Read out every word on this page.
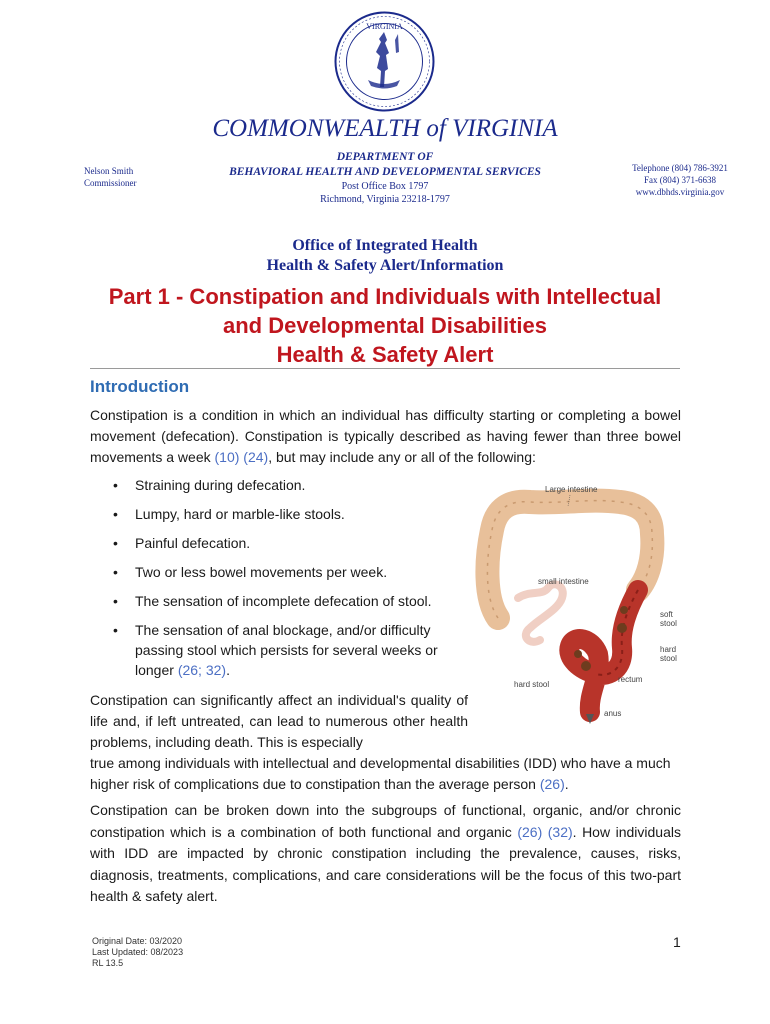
VIRGINIA
COMMONWEALTH of VIRGINIA
Nelson Smith
Commissioner
DEPARTMENT OF
BEHAVIORAL HEALTH AND DEVELOPMENTAL SERVICES
Post Office Box 1797
Richmond, Virginia 23218-1797
Telephone (804) 786-3921
Fax (804) 371-6638
www.dbhds.virginia.gov
Office of Integrated Health
Health & Safety Alert/Information
Part 1 - Constipation and Individuals with Intellectual
and Developmental Disabilities
Health & Safety Alert
Introduction

Constipation is a condition in which an individual has difficulty starting or completing a bowel movement (defecation). Constipation is typically described as having fewer than three bowel movements a week (10) (24), but may include any or all of the following:

• Straining during defecation.
• Lumpy, hard or marble-like stools.
• Painful defecation.
• Two or less bowel movements per week.
• The sensation of incomplete defecation of stool.
• The sensation of anal blockage, and/or difficulty passing stool which persists for several weeks or longer (26; 32).
Large intestine
small intestine
soft
stool
hard
stool
hard stool
rectum
anus

Constipation can significantly affect an individual's quality of life and, if left untreated, can lead to numerous other health problems, including death. This is especially

true among individuals with intellectual and developmental disabilities (IDD) who have a much higher risk of complications due to constipation than the average person (26).

Constipation can be broken down into the subgroups of functional, organic, and/or chronic constipation which is a combination of both functional and organic (26) (32). How individuals with IDD are impacted by chronic constipation including the prevalence, causes, risks, diagnosis, treatments, complications, and care considerations will be the focus of this two-part health & safety alert.

Original Date: 03/2020
Last Updated: 08/2023
RL 13.5
1
